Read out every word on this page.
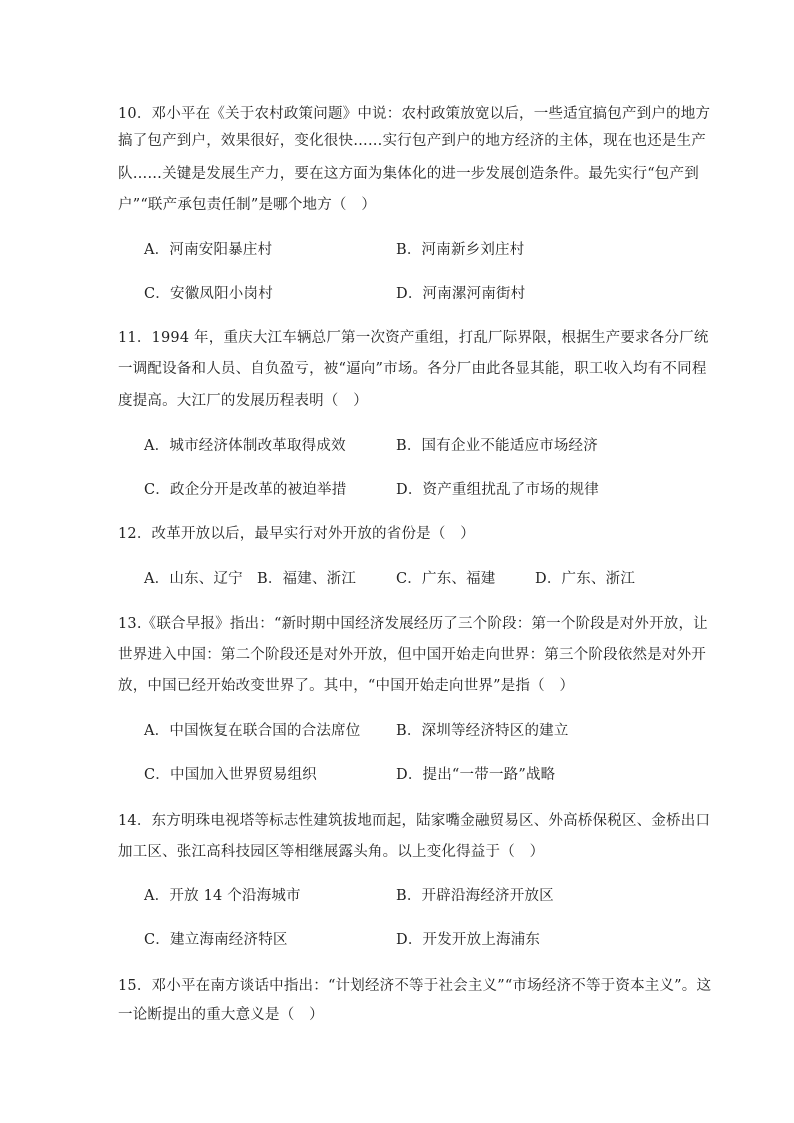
10．邓小平在《关于农村政策问题》中说：农村政策放宽以后，一些适宜搞包产到户的地方
搞了包产到户，效果很好，变化很快……实行包产到户的地方经济的主体，现在也还是生产
队……关键是发展生产力，要在这方面为集体化的进一步发展创造条件。最先实行“包产到
户”“联产承包责任制”是哪个地方（　）
A．河南安阳暴庄村	B．河南新乡刘庄村
C．安徽凤阳小岗村	D．河南漯河南街村
11．1994 年，重庆大江车辆总厂第一次资产重组，打乱厂际界限，根据生产要求各分厂统
一调配设备和人员、自负盈亏，被“逼向”市场。各分厂由此各显其能，职工收入均有不同程
度提高。大江厂的发展历程表明（　）
A．城市经济体制改革取得成效	B．国有企业不能适应市场经济
C．政企分开是改革的被迫举措	D．资产重组扰乱了市场的规律
12．改革开放以后，最早实行对外开放的省份是（　）
A．山东、辽宁 B．福建、浙江	C．广东、福建	D．广东、浙江
13.《联合早报》指出：“新时期中国经济发展经历了三个阶段：第一个阶段是对外开放，让
世界进入中国：第二个阶段还是对外开放，但中国开始走向世界：第三个阶段依然是对外开
放，中国已经开始改变世界了。其中，“中国开始走向世界”是指（　）
A．中国恢复在联合国的合法席位 B．深圳等经济特区的建立
C．中国加入世界贸易组织	D．提出“一带一路”战略
14．东方明珠电视塔等标志性建筑拔地而起，陆家嘴金融贸易区、外高桥保税区、金桥出口
加工区、张江高科技园区等相继展露头角。以上变化得益于（　）
A．开放 14 个沿海城市	B．开辟沿海经济开放区
C．建立海南经济特区	D．开发开放上海浦东
15．邓小平在南方谈话中指出：“计划经济不等于社会主义”“市场经济不等于资本主义”。这
一论断提出的重大意义是（　）
